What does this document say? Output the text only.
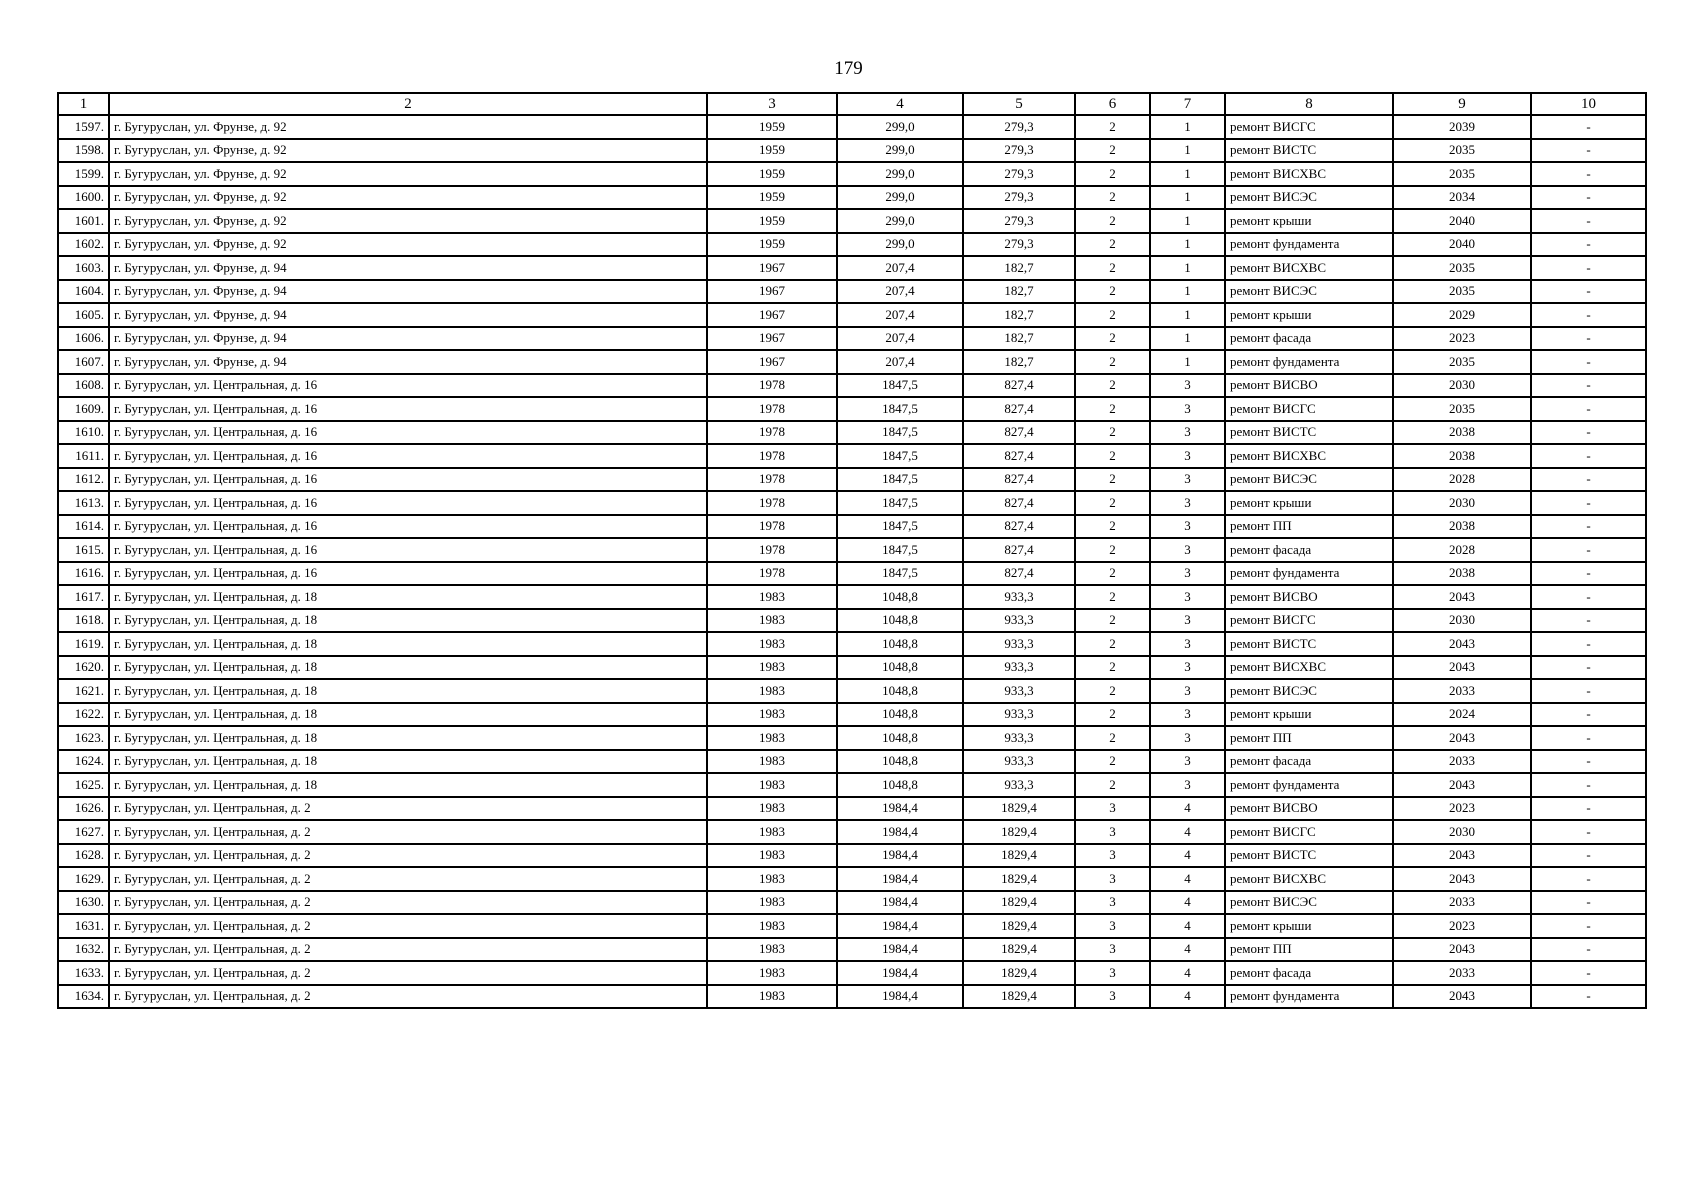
179
1	2	3	4	5	6	7	8	9	10
1597.	г. Бугуруслан, ул. Фрунзе, д. 92	1959	299,0	279,3	2	1	ремонт ВИСГС	2039	-
1598.	г. Бугуруслан, ул. Фрунзе, д. 92	1959	299,0	279,3	2	1	ремонт ВИСТС	2035	-
1599.	г. Бугуруслан, ул. Фрунзе, д. 92	1959	299,0	279,3	2	1	ремонт ВИСХВС	2035	-
1600.	г. Бугуруслан, ул. Фрунзе, д. 92	1959	299,0	279,3	2	1	ремонт ВИСЭС	2034	-
1601.	г. Бугуруслан, ул. Фрунзе, д. 92	1959	299,0	279,3	2	1	ремонт крыши	2040	-
1602.	г. Бугуруслан, ул. Фрунзе, д. 92	1959	299,0	279,3	2	1	ремонт фундамента	2040	-
1603.	г. Бугуруслан, ул. Фрунзе, д. 94	1967	207,4	182,7	2	1	ремонт ВИСХВС	2035	-
1604.	г. Бугуруслан, ул. Фрунзе, д. 94	1967	207,4	182,7	2	1	ремонт ВИСЭС	2035	-
1605.	г. Бугуруслан, ул. Фрунзе, д. 94	1967	207,4	182,7	2	1	ремонт крыши	2029	-
1606.	г. Бугуруслан, ул. Фрунзе, д. 94	1967	207,4	182,7	2	1	ремонт фасада	2023	-
1607.	г. Бугуруслан, ул. Фрунзе, д. 94	1967	207,4	182,7	2	1	ремонт фундамента	2035	-
1608.	г. Бугуруслан, ул. Центральная, д. 16	1978	1847,5	827,4	2	3	ремонт ВИСВО	2030	-
1609.	г. Бугуруслан, ул. Центральная, д. 16	1978	1847,5	827,4	2	3	ремонт ВИСГС	2035	-
1610.	г. Бугуруслан, ул. Центральная, д. 16	1978	1847,5	827,4	2	3	ремонт ВИСТС	2038	-
1611.	г. Бугуруслан, ул. Центральная, д. 16	1978	1847,5	827,4	2	3	ремонт ВИСХВС	2038	-
1612.	г. Бугуруслан, ул. Центральная, д. 16	1978	1847,5	827,4	2	3	ремонт ВИСЭС	2028	-
1613.	г. Бугуруслан, ул. Центральная, д. 16	1978	1847,5	827,4	2	3	ремонт крыши	2030	-
1614.	г. Бугуруслан, ул. Центральная, д. 16	1978	1847,5	827,4	2	3	ремонт ПП	2038	-
1615.	г. Бугуруслан, ул. Центральная, д. 16	1978	1847,5	827,4	2	3	ремонт фасада	2028	-
1616.	г. Бугуруслан, ул. Центральная, д. 16	1978	1847,5	827,4	2	3	ремонт фундамента	2038	-
1617.	г. Бугуруслан, ул. Центральная, д. 18	1983	1048,8	933,3	2	3	ремонт ВИСВО	2043	-
1618.	г. Бугуруслан, ул. Центральная, д. 18	1983	1048,8	933,3	2	3	ремонт ВИСГС	2030	-
1619.	г. Бугуруслан, ул. Центральная, д. 18	1983	1048,8	933,3	2	3	ремонт ВИСТС	2043	-
1620.	г. Бугуруслан, ул. Центральная, д. 18	1983	1048,8	933,3	2	3	ремонт ВИСХВС	2043	-
1621.	г. Бугуруслан, ул. Центральная, д. 18	1983	1048,8	933,3	2	3	ремонт ВИСЭС	2033	-
1622.	г. Бугуруслан, ул. Центральная, д. 18	1983	1048,8	933,3	2	3	ремонт крыши	2024	-
1623.	г. Бугуруслан, ул. Центральная, д. 18	1983	1048,8	933,3	2	3	ремонт ПП	2043	-
1624.	г. Бугуруслан, ул. Центральная, д. 18	1983	1048,8	933,3	2	3	ремонт фасада	2033	-
1625.	г. Бугуруслан, ул. Центральная, д. 18	1983	1048,8	933,3	2	3	ремонт фундамента	2043	-
1626.	г. Бугуруслан, ул. Центральная, д. 2	1983	1984,4	1829,4	3	4	ремонт ВИСВО	2023	-
1627.	г. Бугуруслан, ул. Центральная, д. 2	1983	1984,4	1829,4	3	4	ремонт ВИСГС	2030	-
1628.	г. Бугуруслан, ул. Центральная, д. 2	1983	1984,4	1829,4	3	4	ремонт ВИСТС	2043	-
1629.	г. Бугуруслан, ул. Центральная, д. 2	1983	1984,4	1829,4	3	4	ремонт ВИСХВС	2043	-
1630.	г. Бугуруслан, ул. Центральная, д. 2	1983	1984,4	1829,4	3	4	ремонт ВИСЭС	2033	-
1631.	г. Бугуруслан, ул. Центральная, д. 2	1983	1984,4	1829,4	3	4	ремонт крыши	2023	-
1632.	г. Бугуруслан, ул. Центральная, д. 2	1983	1984,4	1829,4	3	4	ремонт ПП	2043	-
1633.	г. Бугуруслан, ул. Центральная, д. 2	1983	1984,4	1829,4	3	4	ремонт фасада	2033	-
1634.	г. Бугуруслан, ул. Центральная, д. 2	1983	1984,4	1829,4	3	4	ремонт фундамента	2043	-
